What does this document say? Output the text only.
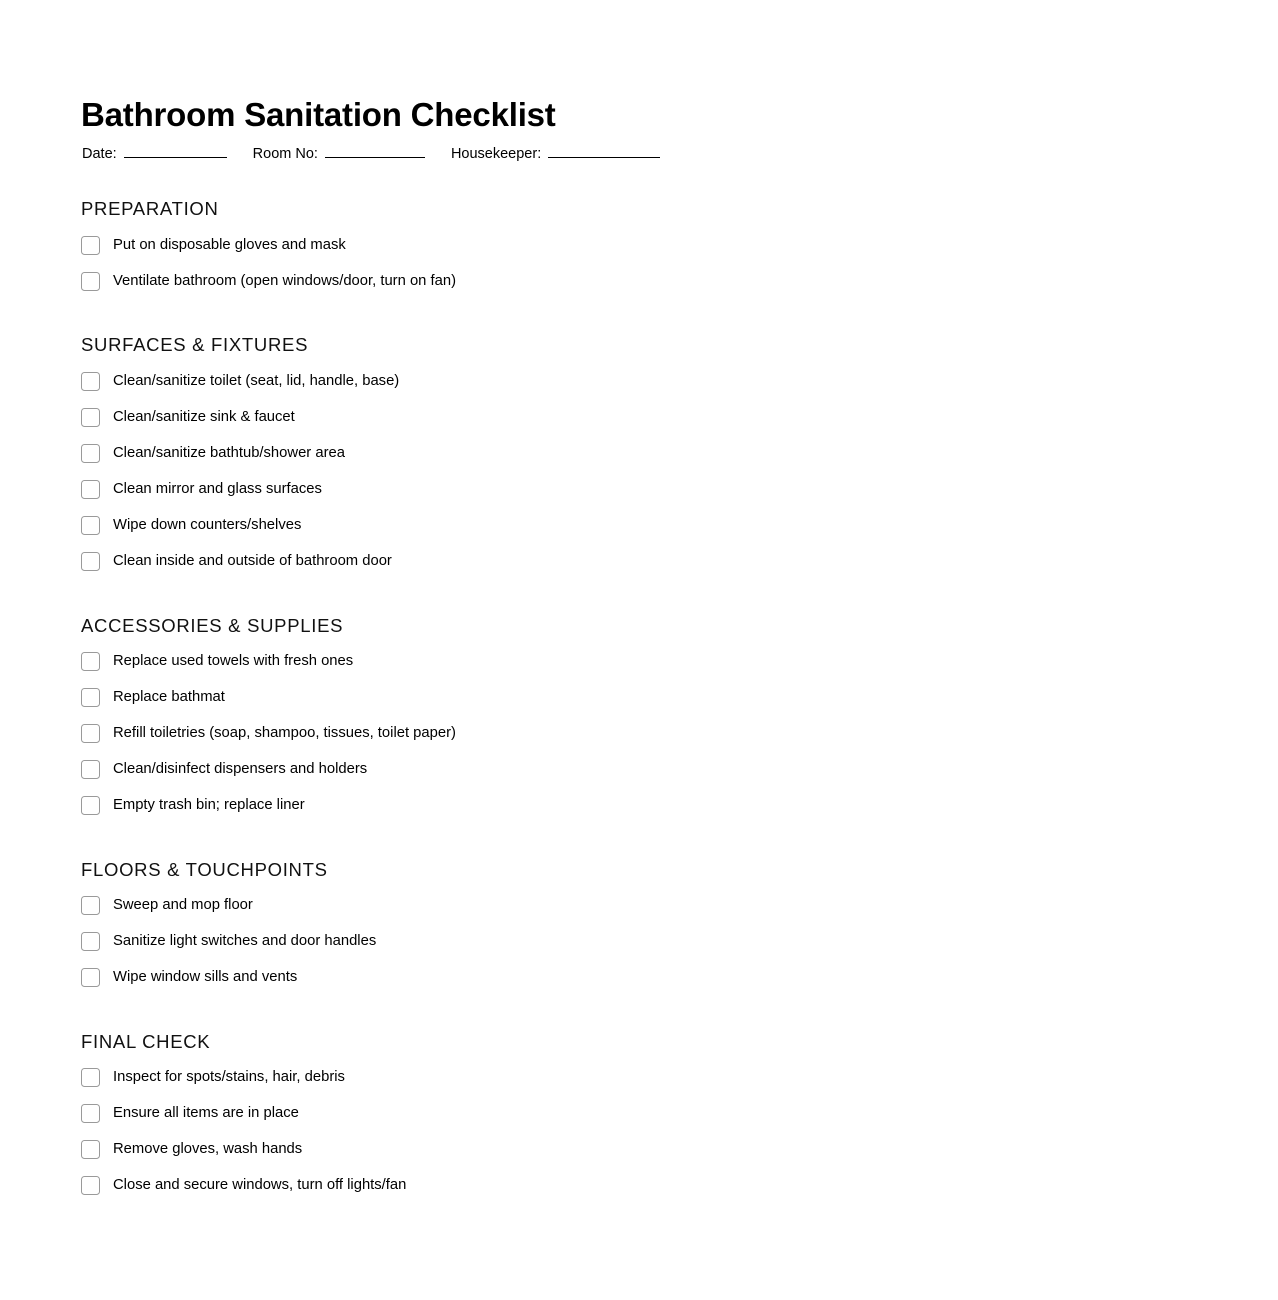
Bathroom Sanitation Checklist
Date:	Room No:	Housekeeper:
PREPARATION
Put on disposable gloves and mask
Ventilate bathroom (open windows/door, turn on fan)
SURFACES & FIXTURES
Clean/sanitize toilet (seat, lid, handle, base)
Clean/sanitize sink & faucet
Clean/sanitize bathtub/shower area
Clean mirror and glass surfaces
Wipe down counters/shelves
Clean inside and outside of bathroom door
ACCESSORIES & SUPPLIES
Replace used towels with fresh ones
Replace bathmat
Refill toiletries (soap, shampoo, tissues, toilet paper)
Clean/disinfect dispensers and holders
Empty trash bin; replace liner
FLOORS & TOUCHPOINTS
Sweep and mop floor
Sanitize light switches and door handles
Wipe window sills and vents
FINAL CHECK
Inspect for spots/stains, hair, debris
Ensure all items are in place
Remove gloves, wash hands
Close and secure windows, turn off lights/fan
